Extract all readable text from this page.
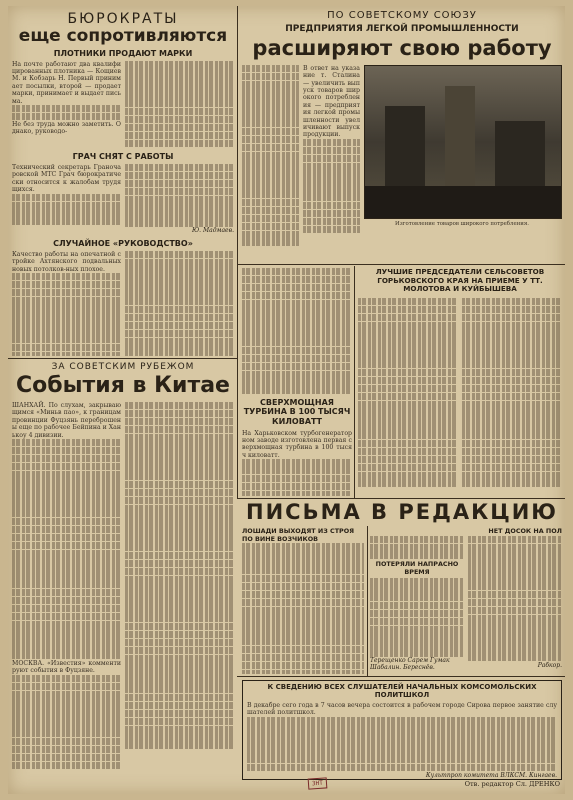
БЮРОКРАТЫ
еще сопротивляются
ПЛОТНИКИ ПРОДАЮТ МАРКИ
На почте работают два квалифицированных плотника — Кощиев М. и Кобзарь Н. Первый принимает посылки, второй — продает марки, принимает и выдает письма.
Не без труда можно заметить. Однако, руководо-
ГРАЧ СНЯТ С РАБОТЫ
Технический секретарь Граночаровской МТС Грач бюрократически относится к жалобам трудящихся.
Ю. Мадмаев.
СЛУЧАЙНОЕ «РУКОВОДСТВО»
Качество работы на опечатной стройке Ахтянского подвальных новых потолков-ных плохое.
ЗА СОВЕТСКИМ РУБЕЖОМ
События в Китае
ШАНХАЙ. По слухам, закрывающимся «Миньв пао», к границам провинции Фуцзянь переброшены еще по рабочее Бейпина и Ханькоу 4 дивизии.
МОСКВА. «Известия» комментируют события в Фуцзяне.
ПО СОВЕТСКОМУ СОЮЗУ
ПРЕДПРИЯТИЯ ЛЕГКОЙ ПРОМЫШЛЕННОСТИ
расширяют свою работу
В ответ на указание т. Сталина — увеличить выпуск товаров широкого потребления — предприятия легкой промышленности увеличивают выпуск продукции.
Изготовление товаров широкого потребления.
СВЕРХМОЩНАЯ ТУРБИНА В 100 ТЫСЯЧ КИЛОВАТТ
На Харьковском турбогенераторном заводе изготовлена первая сверхмощная турбина в 100 тысяч киловатт.
ЛУЧШИЕ ПРЕДСЕДАТЕЛИ СЕЛЬСОВЕТОВ ГОРЬКОВСКОГО КРАЯ НА ПРИЕМЕ У ТТ. МОЛОТОВА И КУЙБЫШЕВА
ПИСЬМА В РЕДАКЦИЮ
ЛОШАДИ ВЫХОДЯТ ИЗ СТРОЯ ПО ВИНЕ ВОЗЧИКОВ
НЕТ ДОСОК НА ПОЛ
ПОТЕРЯЛИ НАПРАСНО ВРЕМЯ
Терещенко Сарем Гумак Шабалин. Береснёв.	Рабкор.
К СВЕДЕНИЮ ВСЕХ СЛУШАТЕЛЕЙ НАЧАЛЬНЫХ КОМСОМОЛЬСКИХ ПОЛИТШКОЛ
В декабре сего года в 7 часов вечера состоится в рабочем городе Сирова первое занятие слушателей политшкол.
Культпроп комитета ВЛКСМ. Кингаев.
Отв. редактор Сл. ДРЕНКО
ЗНТ
